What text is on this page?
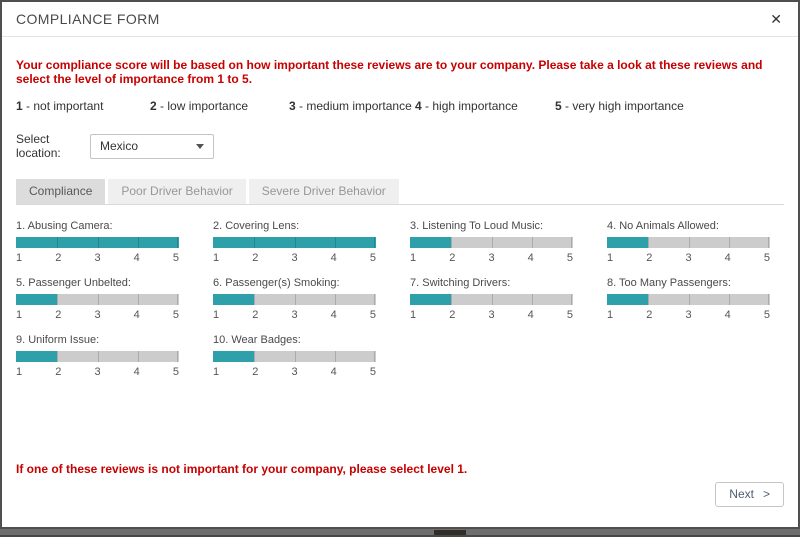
COMPLIANCE FORM	✕
Your compliance score will be based on how important these reviews are to your company. Please take a look at these reviews and select the level of importance from 1 to 5.
1 - not important	2 - low importance	3 - medium importance 4 - high importance	5 - very high importance
Select location:	Mexico
Compliance	Poor Driver Behavior	Severe Driver Behavior
1. Abusing Camera:
1	2	3	4	5
2. Covering Lens:
1	2	3	4	5
3. Listening To Loud Music:
1	2	3	4	5
4. No Animals Allowed:
1	2	3	4	5
5. Passenger Unbelted:
1	2	3	4	5
6. Passenger(s) Smoking:
1	2	3	4	5
7. Switching Drivers:
1	2	3	4	5
8. Too Many Passengers:
1	2	3	4	5
9. Uniform Issue:
1	2	3	4	5
10. Wear Badges:
1	2	3	4	5
If one of these reviews is not important for your company, please select level 1.
Next >
